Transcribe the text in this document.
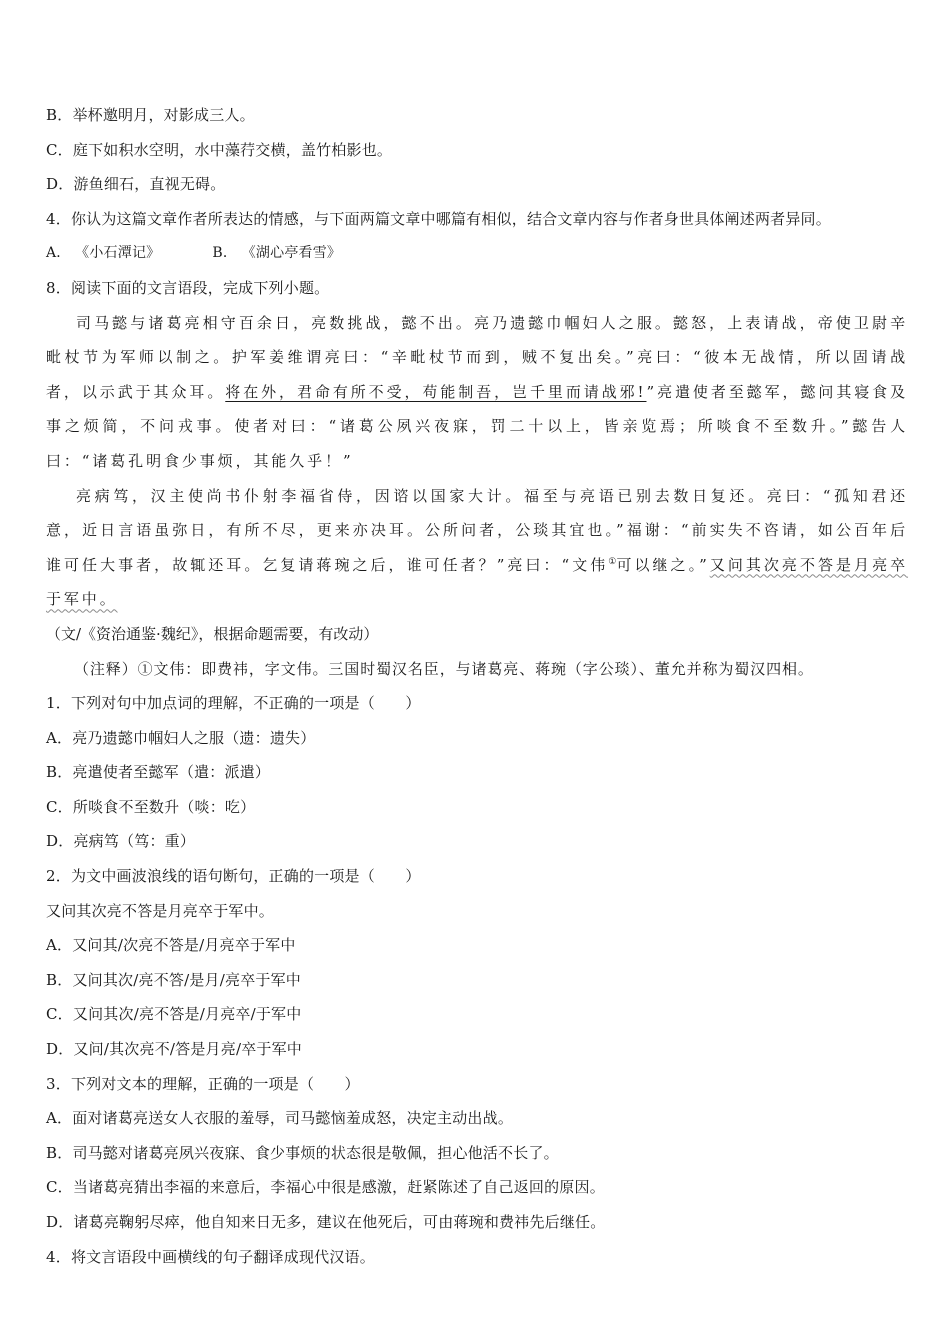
B．举杯邀明月，对影成三人。
C．庭下如积水空明，水中藻荇交横，盖竹柏影也。
D．游鱼细石，直视无碍。
4．你认为这篇文章作者所表达的情感，与下面两篇文章中哪篇有相似，结合文章内容与作者身世具体阐述两者异同。
A． 《小石潭记》	B． 《湖心亭看雪》
8．阅读下面的文言语段，完成下列小题。

司马懿与诸葛亮相守百余日，亮数挑战，懿不出。亮乃遗懿巾帼妇人之服。懿怒，上表请战，帝使卫尉辛毗杖节为军师以制之。护军姜维谓亮曰：“辛毗杖节而到，贼不复出矣。”亮曰：“彼本无战情，所以固请战者，以示武于其众耳。将在外，君命有所不受，苟能制吾，岂千里而请战邪!”亮遣使者至懿军，懿问其寝食及事之烦简，不问戎事。使者对曰：“诸葛公夙兴夜寐，罚二十以上，皆亲览焉；所啖食不至数升。”懿告人曰：“诸葛孔明食少事烦，其能久乎！”

亮病笃，汉主使尚书仆射李福省侍，因谘以国家大计。福至与亮语已别去数日复还。亮曰：“孤知君还意，近日言语虽弥日，有所不尽，更来亦决耳。公所问者，公琰其宜也。”福谢：“前实失不咨请，如公百年后谁可任大事者，故辄还耳。乞复请蒋琬之后，谁可任者？”亮曰：“文伟①可以继之。”又问其次亮不答是月亮卒于军中。

（文/《资治通鉴·魏纪》，根据命题需要，有改动）
（注释）①文伟：即费祎，字文伟。三国时蜀汉名臣，与诸葛亮、蒋琬（字公琰）、董允并称为蜀汉四相。
1．下列对句中加点词的理解，不正确的一项是（　　）
A．亮乃遗懿巾帼妇人之服（遗：遗失）
B．亮遣使者至懿军（遣：派遣）
C．所啖食不至数升（啖：吃）
D．亮病笃（笃：重）
2．为文中画波浪线的语句断句，正确的一项是（　　）
又问其次亮不答是月亮卒于军中。
A．又问其/次亮不答是/月亮卒于军中
B．又问其次/亮不答/是月/亮卒于军中
C．又问其次/亮不答是/月亮卒/于军中
D．又问/其次亮不/答是月亮/卒于军中
3．下列对文本的理解，正确的一项是（　　）
A．面对诸葛亮送女人衣服的羞辱，司马懿恼羞成怒，决定主动出战。
B．司马懿对诸葛亮夙兴夜寐、食少事烦的状态很是敬佩，担心他活不长了。
C．当诸葛亮猜出李福的来意后，李福心中很是感激，赶紧陈述了自己返回的原因。
D．诸葛亮鞠躬尽瘁，他自知来日无多，建议在他死后，可由蒋琬和费祎先后继任。
4．将文言语段中画横线的句子翻译成现代汉语。
